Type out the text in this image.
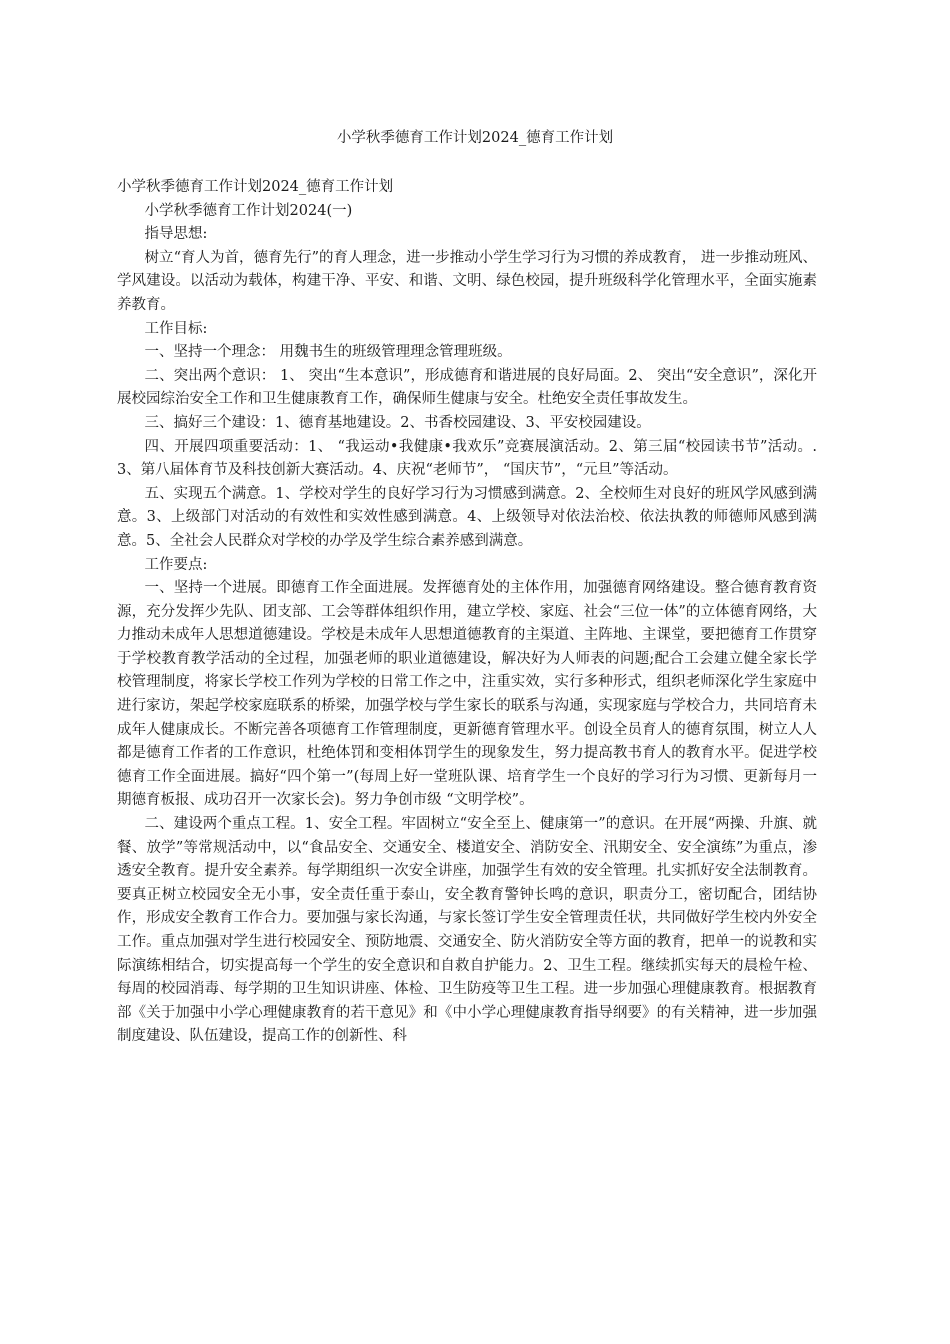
小学秋季德育工作计划2024_德育工作计划

小学秋季德育工作计划2024_德育工作计划

小学秋季德育工作计划2024(一)

指导思想:

树立“育人为首，德育先行”的育人理念，进一步推动小学生学习行为习惯的养成教育， 进一步推动班风、学风建设。以活动为载体，构建干净、平安、和谐、文明、绿色校园，提升班级科学化管理水平，全面实施素养教育。

工作目标:

一、坚持一个理念： 用魏书生的班级管理理念管理班级。

二、突出两个意识： 1、 突出“生本意识”，形成德育和谐进展的良好局面。2、 突出“安全意识”，深化开展校园综治安全工作和卫生健康教育工作，确保师生健康与安全。杜绝安全责任事故发生。

三、搞好三个建设：1、德育基地建设。2、书香校园建设、3、平安校园建设。

四、开展四项重要活动：1、 “我运动•我健康•我欢乐”竞赛展演活动。2、第三届“校园读书节”活动。.3、第八届体育节及科技创新大赛活动。4、庆祝“老师节”， “国庆节”，“元旦”等活动。

五、实现五个满意。1、学校对学生的良好学习行为习惯感到满意。2、全校师生对良好的班风学风感到满意。3、上级部门对活动的有效性和实效性感到满意。4、上级领导对依法治校、依法执教的师德师风感到满意。5、全社会人民群众对学校的办学及学生综合素养感到满意。

工作要点:

一、坚持一个进展。即德育工作全面进展。发挥德育处的主体作用，加强德育网络建设。整合德育教育资源，充分发挥少先队、团支部、工会等群体组织作用，建立学校、家庭、社会“三位一体”的立体德育网络，大力推动未成年人思想道德建设。学校是未成年人思想道德教育的主渠道、主阵地、主课堂，要把德育工作贯穿于学校教育教学活动的全过程，加强老师的职业道德建设，解决好为人师表的问题;配合工会建立健全家长学校管理制度，将家长学校工作列为学校的日常工作之中，注重实效，实行多种形式，组织老师深化学生家庭中进行家访，架起学校家庭联系的桥梁，加强学校与学生家长的联系与沟通，实现家庭与学校合力，共同培育未成年人健康成长。不断完善各项德育工作管理制度，更新德育管理水平。创设全员育人的德育氛围，树立人人都是德育工作者的工作意识，杜绝体罚和变相体罚学生的现象发生，努力提高教书育人的教育水平。促进学校德育工作全面进展。搞好“四个第一”(每周上好一堂班队课、培育学生一个良好的学习行为习惯、更新每月一期德育板报、成功召开一次家长会)。努力争创市级 “文明学校”。

二、建设两个重点工程。1、安全工程。牢固树立“安全至上、健康第一”的意识。在开展“两操、升旗、就餐、放学”等常规活动中，以“食品安全、交通安全、楼道安全、消防安全、汛期安全、安全演练”为重点，渗透安全教育。提升安全素养。每学期组织一次安全讲座，加强学生有效的安全管理。扎实抓好安全法制教育。要真正树立校园安全无小事，安全责任重于泰山，安全教育警钟长鸣的意识，职责分工，密切配合，团结协作，形成安全教育工作合力。要加强与家长沟通，与家长签订学生安全管理责任状，共同做好学生校内外安全工作。重点加强对学生进行校园安全、预防地震、交通安全、防火消防安全等方面的教育，把单一的说教和实际演练相结合，切实提高每一个学生的安全意识和自救自护能力。2、卫生工程。继续抓实每天的晨检午检、每周的校园消毒、每学期的卫生知识讲座、体检、卫生防疫等卫生工程。进一步加强心理健康教育。根据教育部《关于加强中小学心理健康教育的若干意见》和《中小学心理健康教育指导纲要》的有关精神，进一步加强制度建设、队伍建设，提高工作的创新性、科
